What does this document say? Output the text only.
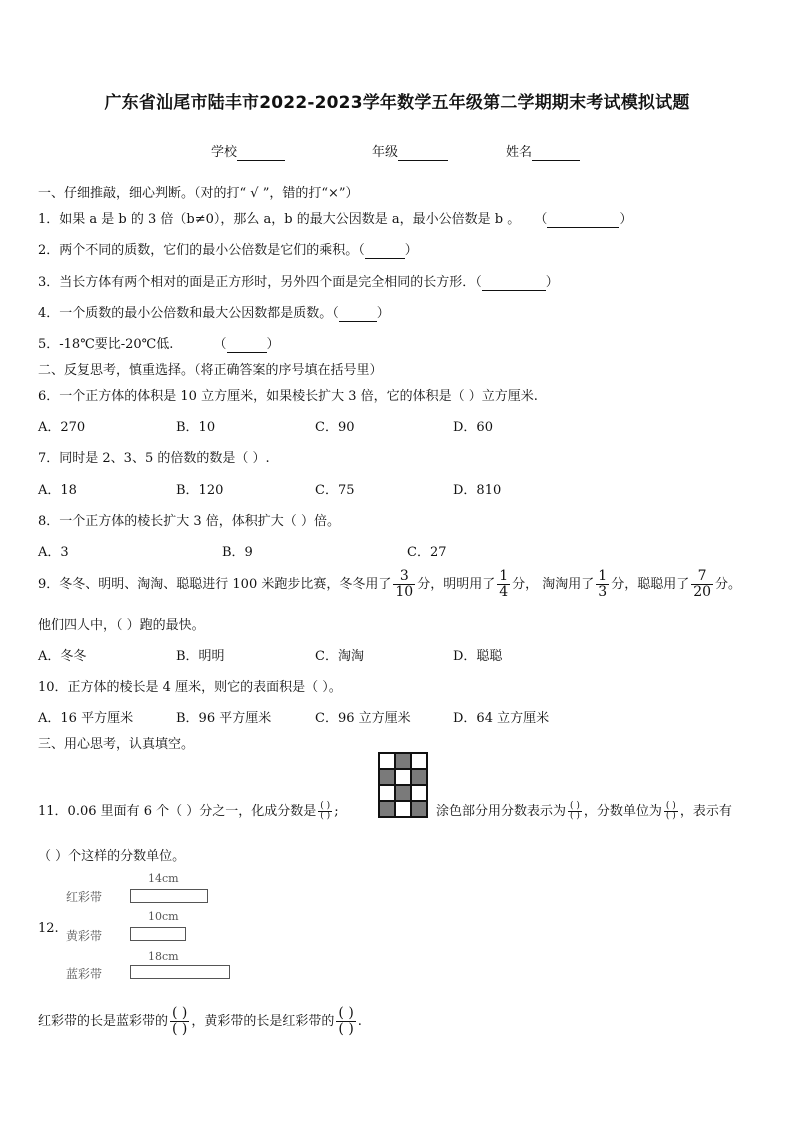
广东省汕尾市陆丰市2022-2023学年数学五年级第二学期期末考试模拟试题
学校	年级	姓名
一、仔细推敲，细心判断。（对的打“ √ ”，错的打“×”）
1．如果 a 是 b 的 3 倍（b≠0），那么 a，b 的最大公因数是 a，最小公倍数是 b 。 （	）
2．两个不同的质数，它们的最小公倍数是它们的乘积。（	）
3．当长方体有两个相对的面是正方形时，另外四个面是完全相同的长方形．（	）
4．一个质数的最小公倍数和最大公因数都是质数。（	）
5．-18℃要比-20℃低.	（	）
二、反复思考，慎重选择。（将正确答案的序号填在括号里）
6．一个正方体的体积是 10 立方厘米，如果棱长扩大 3 倍，它的体积是（ ）立方厘米.
A．270	B．10	C．90	D．60
7．同时是 2、3、5 的倍数的数是（ ）.
A．18	B．120	C．75	D．810
8．一个正方体的棱长扩大 3 倍，体积扩大（ ）倍。
A．3	B．9	C．27
9．冬冬、明明、淘淘、聪聪进行 100 米跑步比赛，冬冬用了 $\frac{3}{10}$ 分，明明用了 $\frac{1}{4}$ 分， 淘淘用了 $\frac{1}{3}$ 分，聪聪用了 $\frac{7}{20}$ 分。
他们四人中，（ ）跑的最快。
A．冬冬	B．明明	C．淘淘	D．聪聪
10．正方体的棱长是 4 厘米，则它的表面积是（ ）。
A．16 平方厘米	B．96 平方厘米	C．96 立方厘米	D．64 立方厘米
三、用心思考，认真填空。
11．0.06 里面有 6 个（ ）分之一，化成分数是 $\frac{( )}{( )}$ ;	涂色部分用分数表示为 $\frac{( )}{( )}$ ，分数单位为 $\frac{( )}{( )}$ ，表示有
（ ）个这样的分数单位。
14cm
红彩带
12.
10cm
黄彩带
18cm
蓝彩带
红彩带的长是蓝彩带的 $\frac{( )}{( )}$ ，黄彩带的长是红彩带的 $\frac{( )}{( )}$ .
